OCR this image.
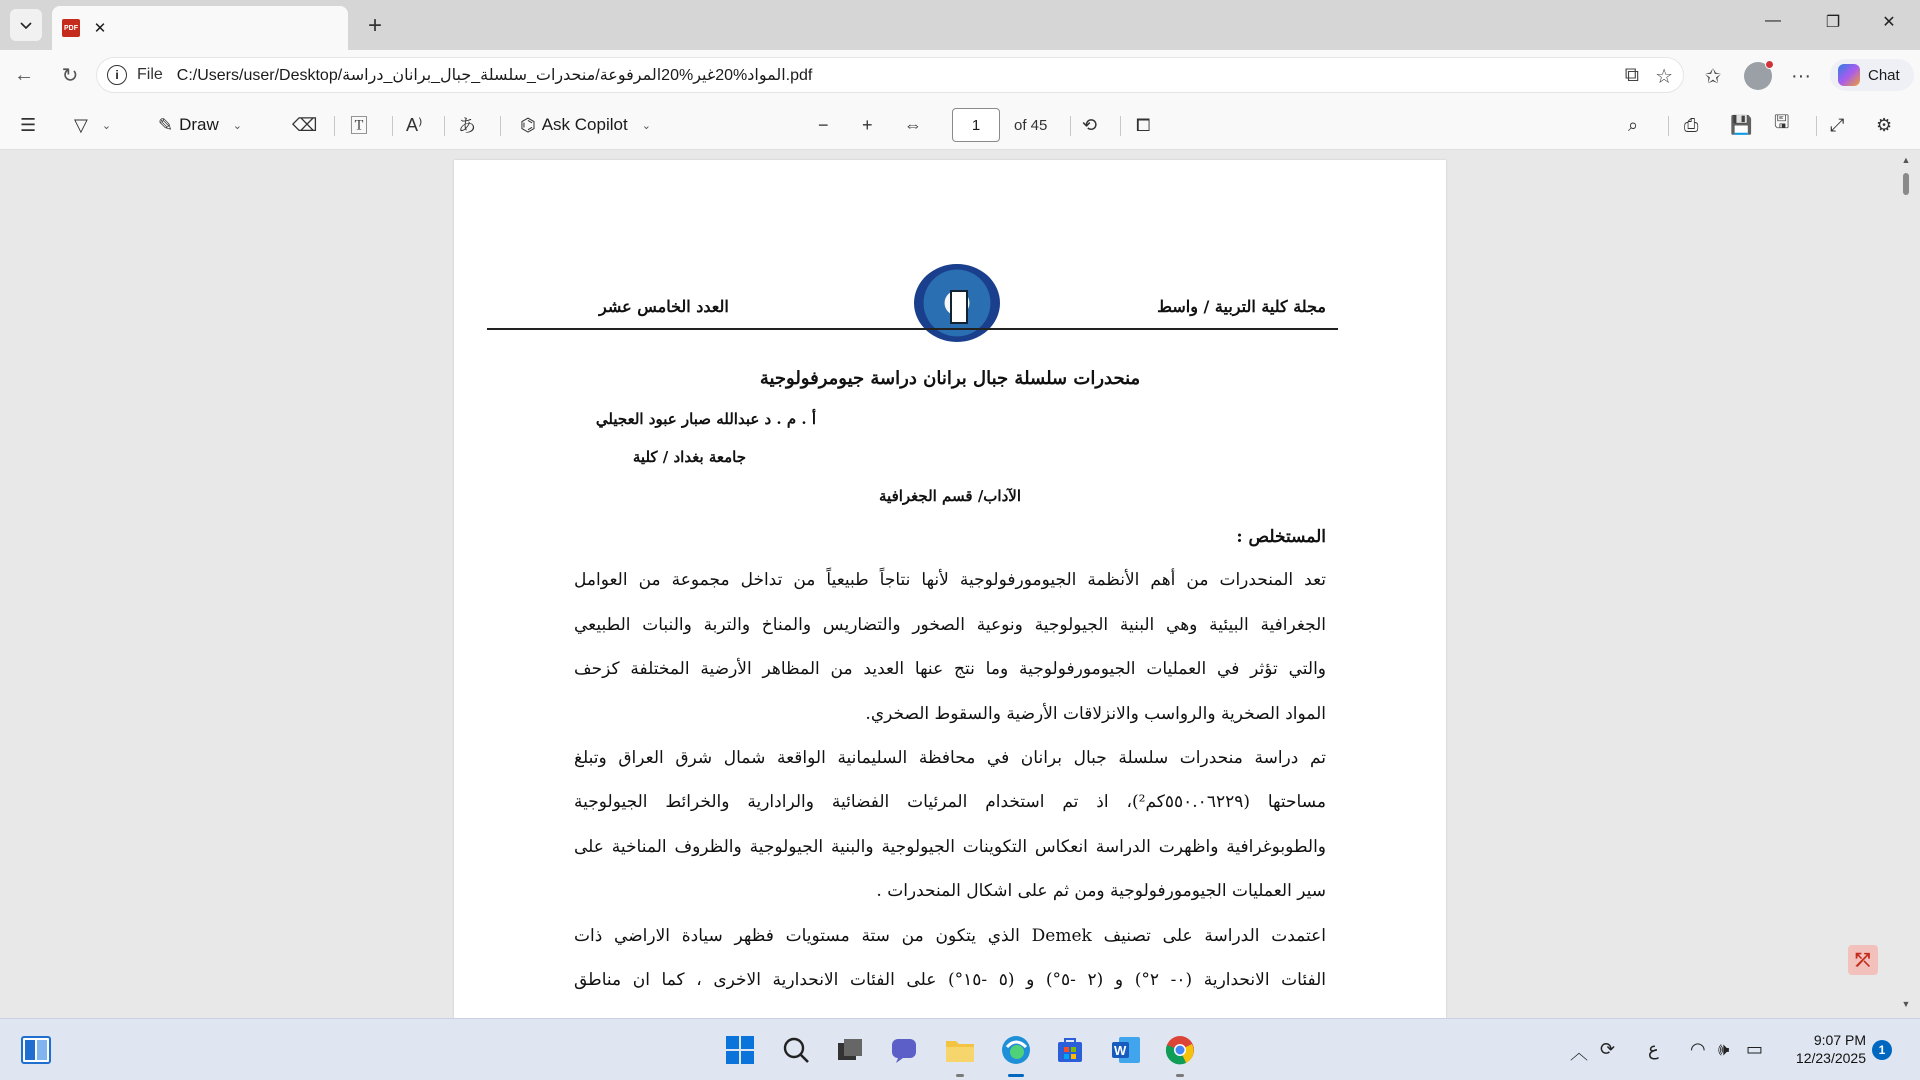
PDF ✕	+	—	❐	✕
← ↻	i	File C:/Users/user/Desktop/المواد%20غير%20المرفوعة/منحدرات_سلسلة_جبال_برانان_دراسة.pdf	⧉ ☆ ✩	···	Chat
☰ ▽ ⌄	✎ Draw ⌄	⌫ 🅃 A⁾ あ ⌬ Ask Copilot ⌄	− + ⇔	1	of 45 ⟲ ⧠	⌕	⎙ 💾 🖫 ⤢ ⚙
مجلة كلية التربية / واسط
العدد الخامس عشر
منحدرات سلسلة جبال برانان دراسة جيومرفولوجية
أ . م . د عبدالله صبار عبود العجيلي
جامعة بغداد / كلية
الآداب/ قسم الجغرافية
المستخلص :
تعد المنحدرات من أهم الأنظمة الجيومورفولوجية لأنها نتاجاً طبيعياً من تداخل مجموعة من العوامل
الجغرافية البيئية وهي البنية الجيولوجية ونوعية الصخور والتضاريس والمناخ والتربة والنبات الطبيعي
والتي تؤثر في العمليات الجيومورفولوجية وما نتج عنها العديد من المظاهر الأرضية المختلفة كزحف
المواد الصخرية والرواسب والانزلاقات الأرضية والسقوط الصخري.
تم دراسة منحدرات سلسلة جبال برانان في محافظة السليمانية الواقعة شمال شرق العراق وتبلغ
مساحتها (٥٥٠.٠٦٢٢٩كم²)، اذ تم استخدام المرئيات الفضائية والرادارية والخرائط الجيولوجية
والطوبوغرافية واظهرت الدراسة انعكاس التكوينات الجيولوجية والبنية الجيولوجية والظروف المناخية على
سير العمليات الجيومورفولوجية ومن ثم على اشكال المنحدرات .
اعتمدت الدراسة على تصنيف Demek الذي يتكون من ستة مستويات فظهر سيادة الاراضي ذات
الفئات الانحدارية (٠- ٢°) و (٢ -٥°) و (٥ -١٥°) على الفئات الانحدارية الاخرى ، كما ان مناطق
▲
▼
⤱
W	︿ ⟳ ع ◠ 🕪 ▭	9:07 PM
12/23/2025	1
